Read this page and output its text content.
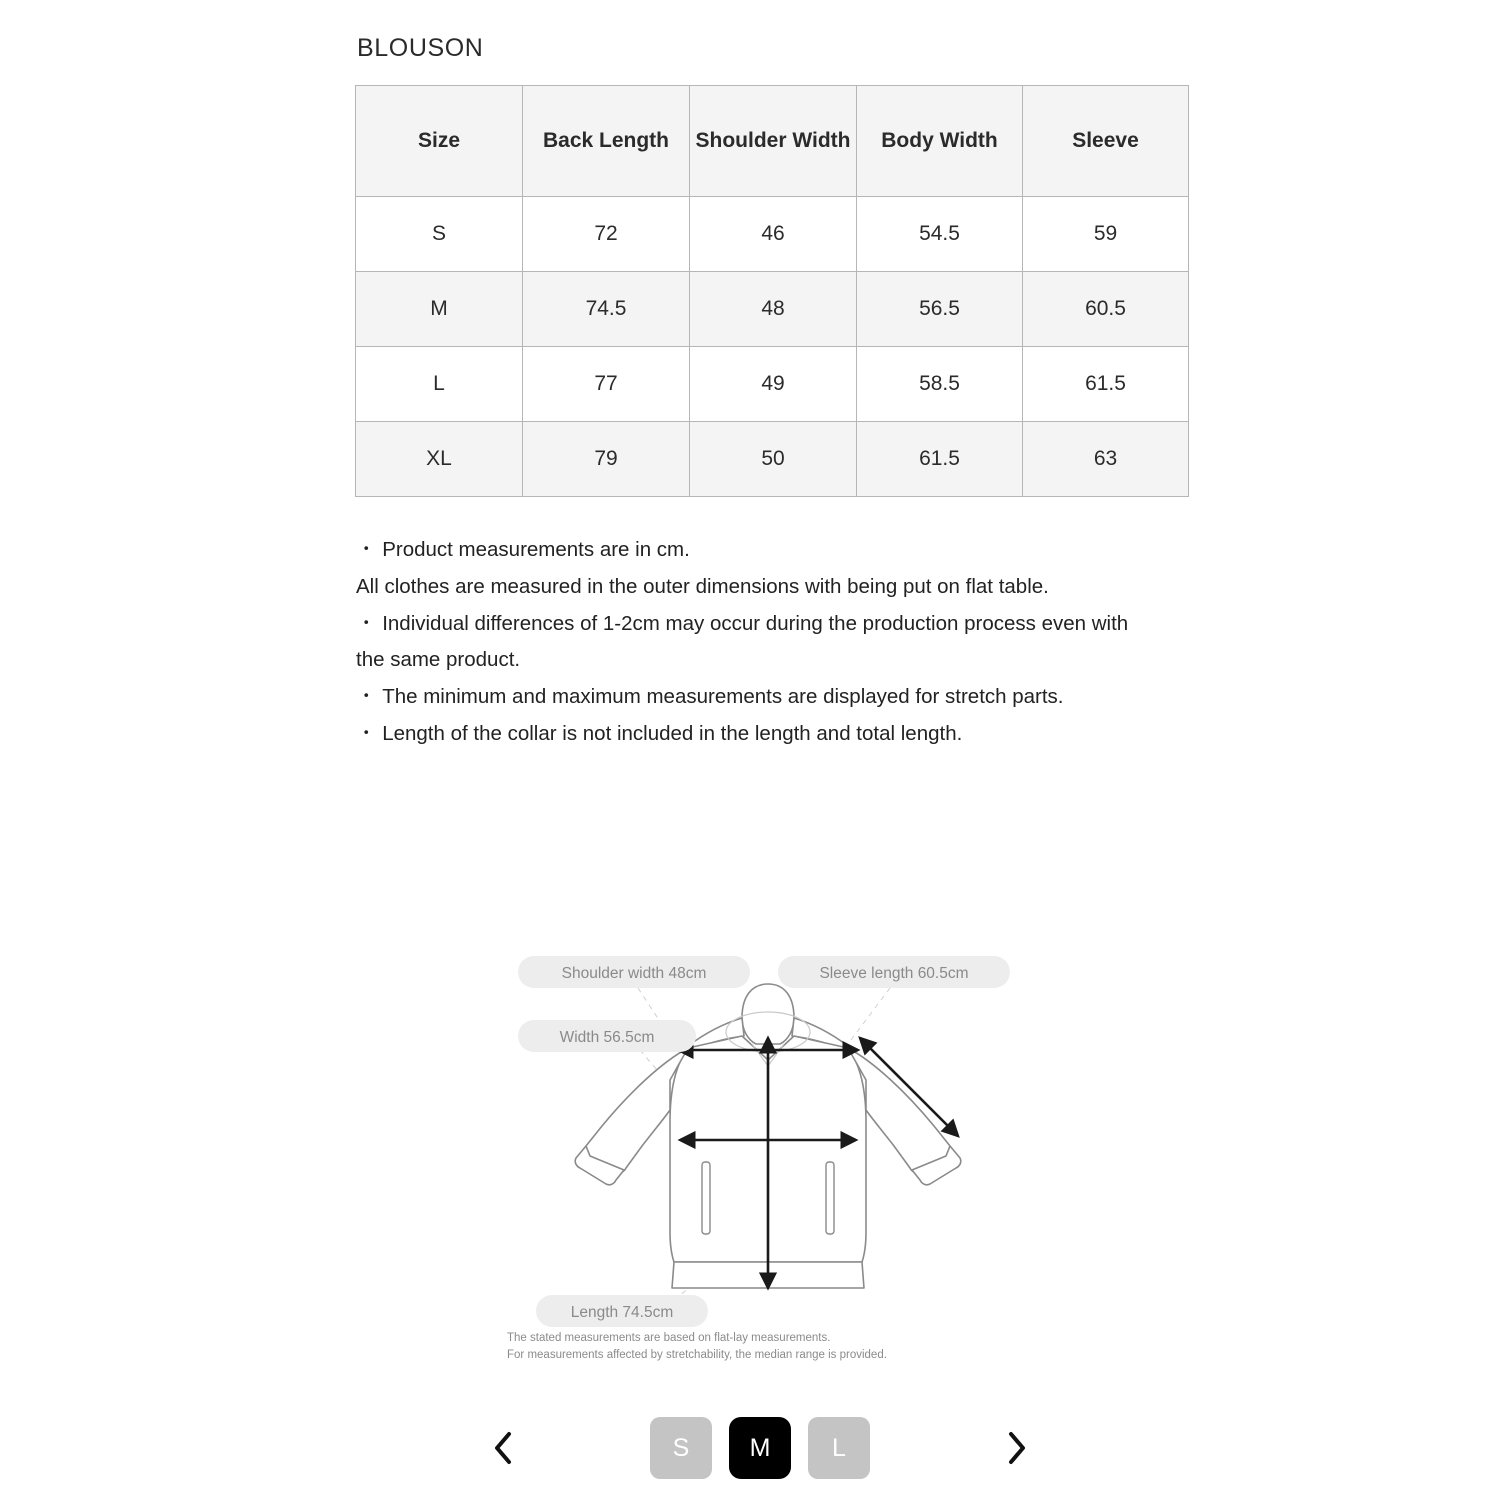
BLOUSON
Size	Back Length	Shoulder Width	Body Width	Sleeve
S	72	46	54.5	59
M	74.5	48	56.5	60.5
L	77	49	58.5	61.5
XL	79	50	61.5	63

・ Product measurements are in cm.

All clothes are measured in the outer dimensions with being put on flat table.

・ Individual differences of 1-2cm may occur during the production process even with the same product.

・ The minimum and maximum measurements are displayed for stretch parts.

・ Length of the collar is not included in the length and total length.

Shoulder width 48cm	Sleeve length 60.5cm
Width 56.5cm
Length 74.5cm

The stated measurements are based on flat-lay measurements.

For measurements affected by stretchability, the median range is provided.

S	M	L
